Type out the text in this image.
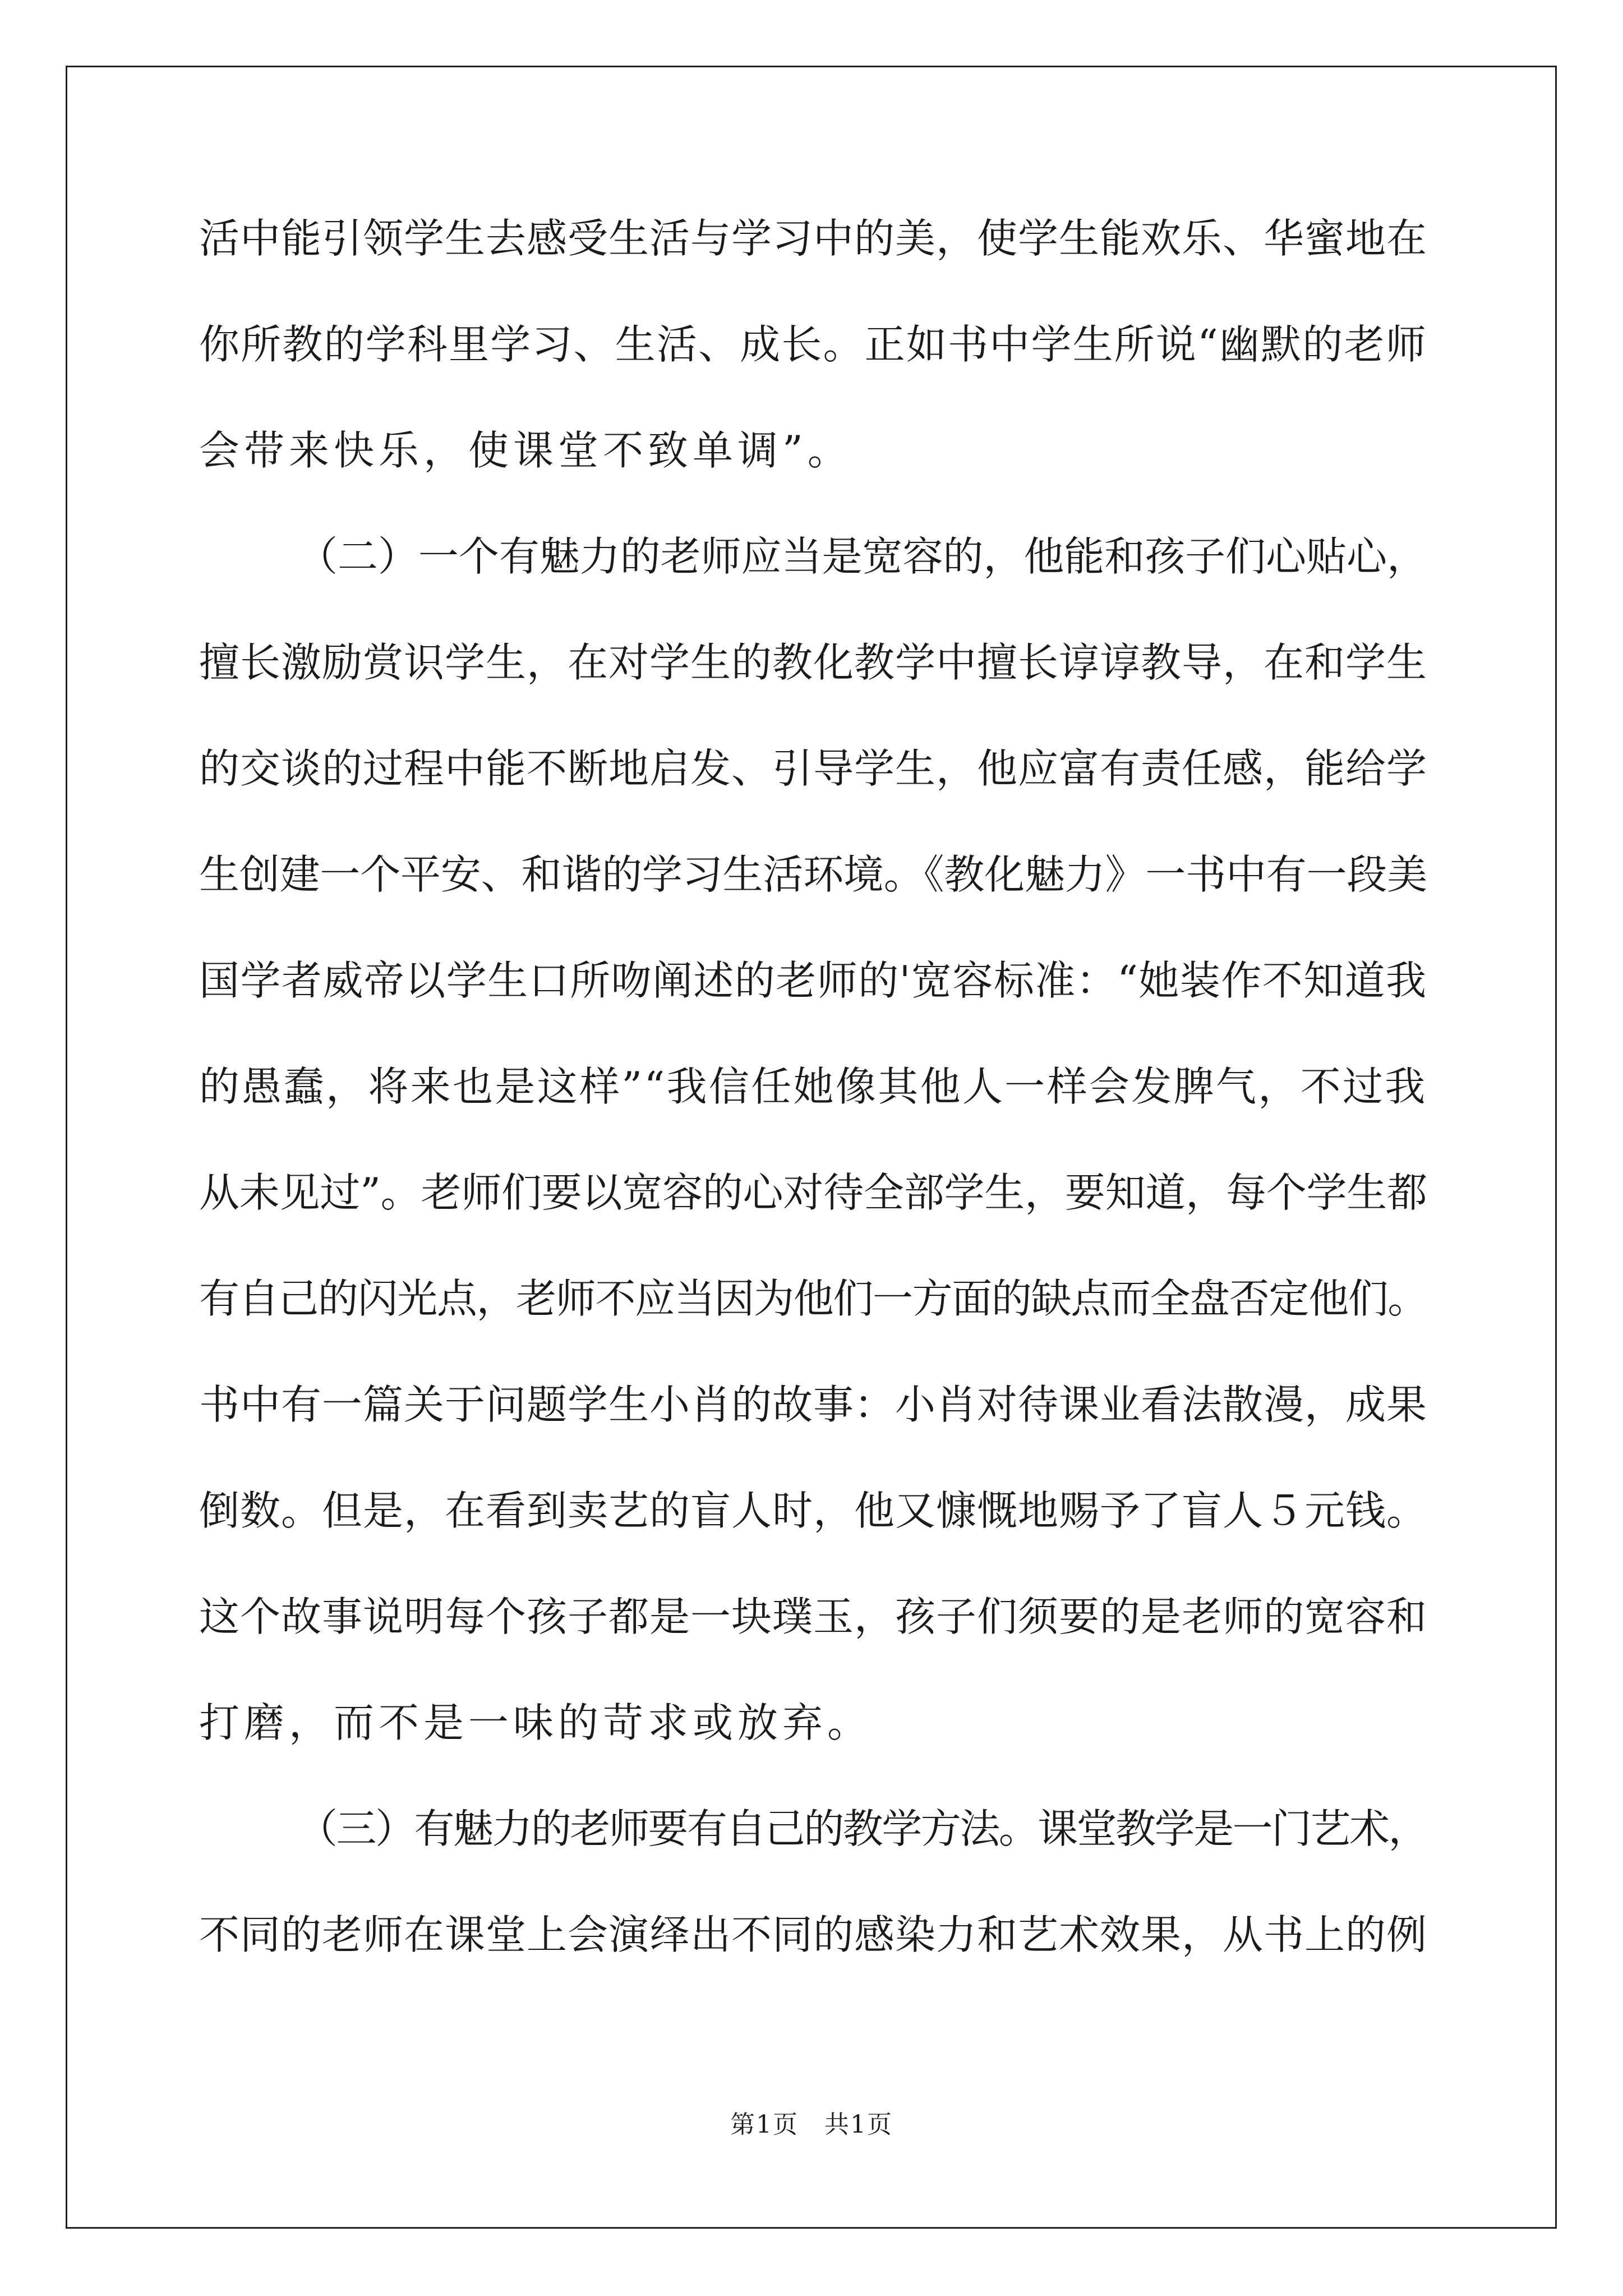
活中能引领学生去感受生活与学习中的美，使学生能欢乐、华蜜地在

你所教的学科里学习、生活、成长。正如书中学生所说“幽默的老师

会带来快乐，使课堂不致单调”。

（二）一个有魅力的老师应当是宽容的，他能和孩子们心贴心，

擅长激励赏识学生，在对学生的教化教学中擅长谆谆教导，在和学生

的交谈的过程中能不断地启发、引导学生，他应富有责任感，能给学

生创建一个平安、和谐的学习生活环境。《教化魅力》一书中有一段美

国学者威帝以学生口所吻阐述的老师的'宽容标准：“她装作不知道我

的愚蠢，将来也是这样”“我信任她像其他人一样会发脾气，不过我

从未见过”。老师们要以宽容的心对待全部学生，要知道，每个学生都

有自己的闪光点，老师不应当因为他们一方面的缺点而全盘否定他们。

书中有一篇关于问题学生小肖的故事：小肖对待课业看法散漫，成果

倒数。但是，在看到卖艺的盲人时，他又慷慨地赐予了盲人５元钱。

这个故事说明每个孩子都是一块璞玉，孩子们须要的是老师的宽容和

打磨，而不是一味的苛求或放弃。

（三）有魅力的老师要有自己的教学方法。课堂教学是一门艺术，

不同的老师在课堂上会演绎出不同的感染力和艺术效果，从书上的例

第1页　共1页
